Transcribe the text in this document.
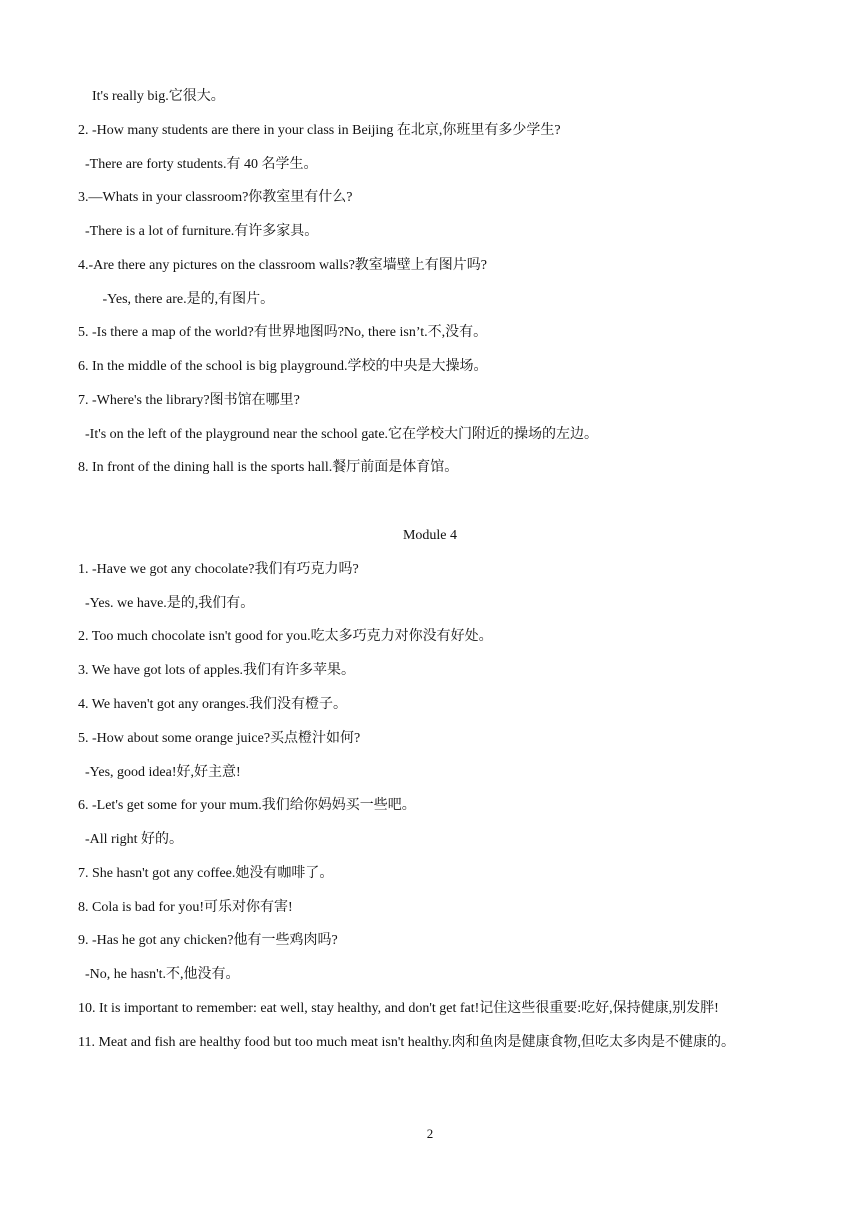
It's really big.它很大。
2. -How many students are there in your class in Beijing 在北京,你班里有多少学生?
-There are forty students.有 40 名学生。
3.—Whats in your classroom?你教室里有什么?
-There is a lot of furniture.有许多家具。
4.-Are there any pictures on the classroom walls?教室墙壁上有图片吗?
-Yes, there are.是的,有图片。
5. -Is there a map of the world?有世界地图吗?No, there isn’t.不,没有。
6. In the middle of the school is big playground.学校的中央是大操场。
7. -Where's the library?图书馆在哪里?
-It's on the left of the playground near the school gate.它在学校大门附近的操场的左边。
8. In front of the dining hall is the sports hall.餐厅前面是体育馆。
Module 4
1. -Have we got any chocolate?我们有巧克力吗?
-Yes. we have.是的,我们有。
2. Too much chocolate isn't good for you.吃太多巧克力对你没有好处。
3. We have got lots of apples.我们有许多苹果。
4. We haven't got any oranges.我们没有橙子。
5. -How about some orange juice?买点橙汁如何?
-Yes, good idea!好,好主意!
6. -Let's get some for your mum.我们给你妈妈买一些吧。
-All right 好的。
7. She hasn't got any coffee.她没有咖啡了。
8. Cola is bad for you!可乐对你有害!
9. -Has he got any chicken?他有一些鸡肉吗?
-No, he hasn't.不,他没有。
10. It is important to remember: eat well, stay healthy, and don't get fat!记住这些很重要:吃好,保持健康,别发胖!
11. Meat and fish are healthy food but too much meat isn't healthy.肉和鱼肉是健康食物,但吃太多肉是不健康的。
2
